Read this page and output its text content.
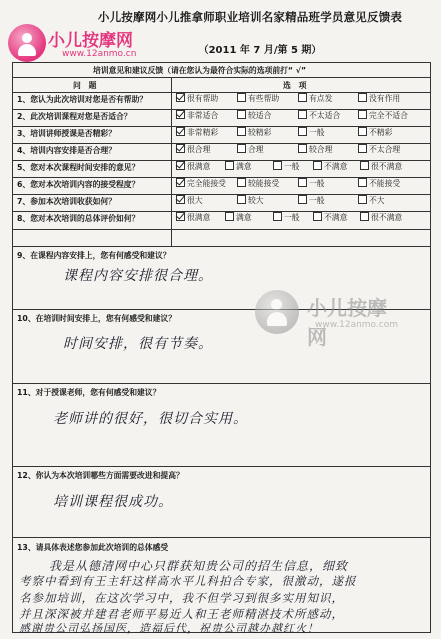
小儿按摩网
www.12anmo.cn
小儿按摩网小儿推拿师职业培训名家精品班学员意见反馈表
（2011 年 7 月/第 5 期）
培训意见和建议反馈（请在您认为最符合实际的选项前打“ √”
问　题	选　项
1、您认为此次培训对您是否有帮助？	很有帮助	有些帮助	有点发	没有作用
2、此次培训课程对您是否适合？	非常适合	较适合	不太适合	完全不适合
3、培训讲师授课是否精彩？	非常精彩	较精彩	一般	不精彩
4、培训内容安排是否合理？	很合理	合理	较合理	不太合理
5、您对本次课程时间安排的意见？	很满意	满意	一般	不满意	很不满意
6、您对本次培训内容的接受程度？	完全能接受	较能接受	一般	不能接受
7、参加本次培训收获如何？	很大	较大	一般	不大
8、您对本次培训的总体评价如何？	很满意	满意	一般	不满意	很不满意
9、在课程内容安排上，您有何感受和建议？
课程内容安排很合理。
10、在培训时间安排上，您有何感受和建议？
时间安排，很有节奏。
11、对于授课老师，您有何感受和建议？
老师讲的很好，很切合实用。
12、你认为本次培训哪些方面需要改进和提高？
培训课程很成功。
13、请具体表述您参加此次培训的总体感受
我是从德清网中心只群获知贵公司的招生信息，细致
考察中看到有王主轩这样高水平儿科拍合专家，很激动，遂报
名参加培训，在这次学习中，我不但学习到很多实用知识，
并且深深被并建君老师平易近人和王老师精湛技术所感动，
感谢贵公司弘扬国医，造福后代，祝贵公司越办越红火！
小儿按摩网
www.12anmo.com
